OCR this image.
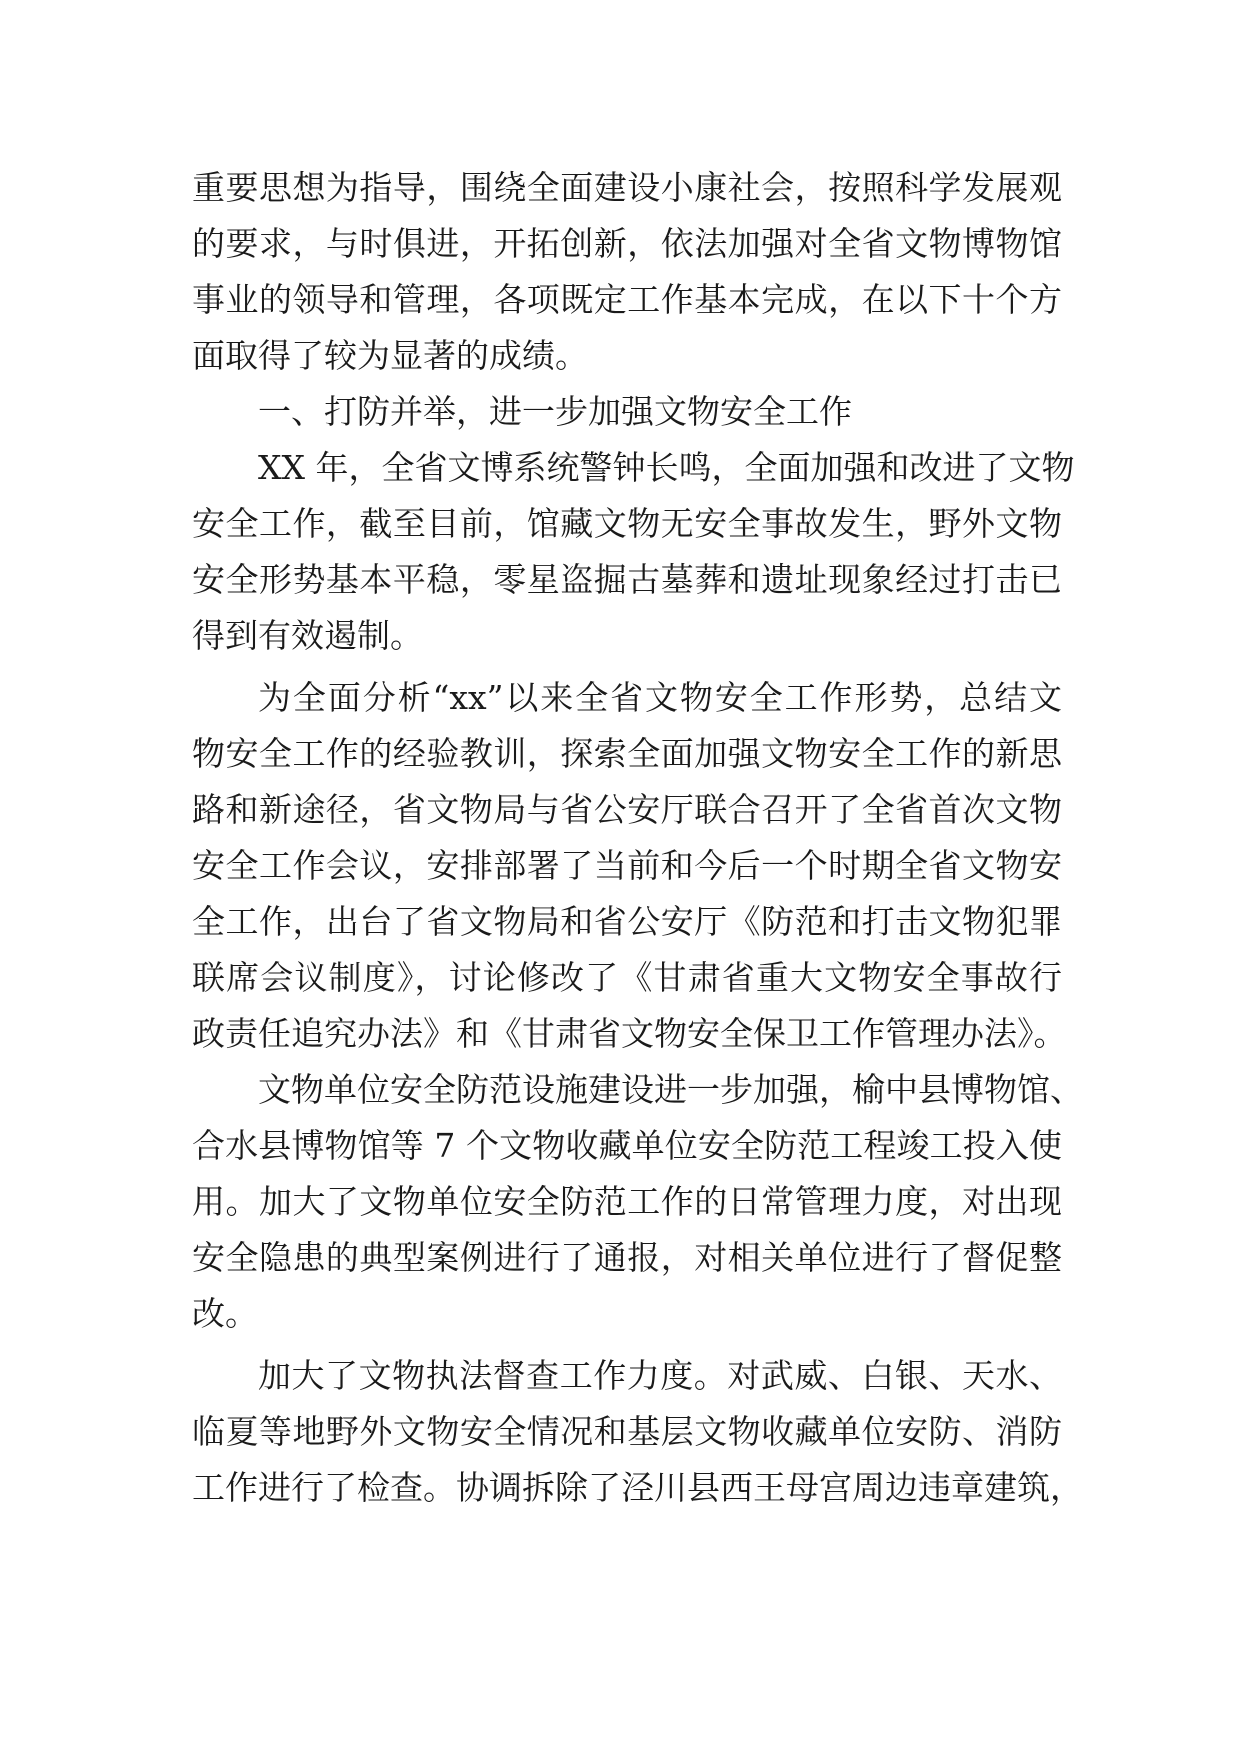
重要思想为指导，围绕全面建设小康社会，按照科学发展观
的要求，与时俱进，开拓创新，依法加强对全省文物博物馆
事业的领导和管理，各项既定工作基本完成，在以下十个方
面取得了较为显著的成绩。
一、打防并举，进一步加强文物安全工作
XX 年，全省文博系统警钟长鸣，全面加强和改进了文物
安全工作，截至目前，馆藏文物无安全事故发生，野外文物
安全形势基本平稳，零星盗掘古墓葬和遗址现象经过打击已
得到有效遏制。
为全面分析“xx”以来全省文物安全工作形势，总结文
物安全工作的经验教训，探索全面加强文物安全工作的新思
路和新途径，省文物局与省公安厅联合召开了全省首次文物
安全工作会议，安排部署了当前和今后一个时期全省文物安
全工作，出台了省文物局和省公安厅《防范和打击文物犯罪
联席会议制度》，讨论修改了《甘肃省重大文物安全事故行
政责任追究办法》和《甘肃省文物安全保卫工作管理办法》。
文物单位安全防范设施建设进一步加强，榆中县博物馆、
合水县博物馆等 7 个文物收藏单位安全防范工程竣工投入使
用。加大了文物单位安全防范工作的日常管理力度，对出现
安全隐患的典型案例进行了通报，对相关单位进行了督促整
改。
加大了文物执法督查工作力度。对武威、白银、天水、
临夏等地野外文物安全情况和基层文物收藏单位安防、消防
工作进行了检查。协调拆除了泾川县西王母宫周边违章建筑，
